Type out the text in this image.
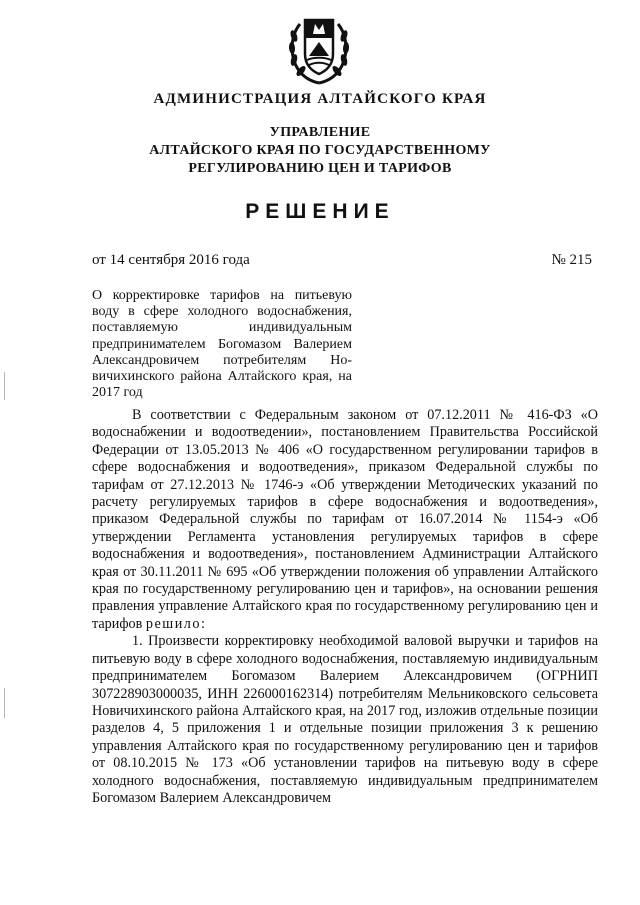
АДМИНИСТРАЦИЯ АЛТАЙСКОГО КРАЯ
УПРАВЛЕНИЕ
АЛТАЙСКОГО КРАЯ ПО ГОСУДАРСТВЕННОМУ
РЕГУЛИРОВАНИЮ ЦЕН И ТАРИФОВ
РЕШЕНИЕ
от 14 сентября 2016 года	№ 215
О корректировке тарифов на питьевую воду в сфере холодного водоснабжения, поставляемую индивидуальным предпринимателем Богомазом Валерием Александровичем потребителям Новичихинского района Алтайского края, на 2017 год

В соответствии с Федеральным законом от 07.12.2011 № 416-ФЗ «О водоснабжении и водоотведении», постановлением Правительства Российской Федерации от 13.05.2013 № 406 «О государственном регулировании тарифов в сфере водоснабжения и водоотведения», приказом Федеральной службы по тарифам от 27.12.2013 № 1746-э «Об утверждении Методических указаний по расчету регулируемых тарифов в сфере водоснабжения и водоотведения», приказом Федеральной службы по тарифам от 16.07.2014 № 1154-э «Об утверждении Регламента установления регулируемых тарифов в сфере водоснабжения и водоотведения», постановлением Администрации Алтайского края от 30.11.2011 № 695 «Об утверждении положения об управлении Алтайского края по государственному регулированию цен и тарифов», на основании решения правления управление Алтайского края по государственному регулированию цен и тарифов решило:

1. Произвести корректировку необходимой валовой выручки и тарифов на питьевую воду в сфере холодного водоснабжения, поставляемую индивидуальным предпринимателем Богомазом Валерием Александровичем (ОГРНИП 307228903000035, ИНН 226000162314) потребителям Мельниковского сельсовета Новичихинского района Алтайского края, на 2017 год, изложив отдельные позиции разделов 4, 5 приложения 1 и отдельные позиции приложения 3 к решению управления Алтайского края по государственному регулированию цен и тарифов от 08.10.2015 № 173 «Об установлении тарифов на питьевую воду в сфере холодного водоснабжения, поставляемую индивидуальным предпринимателем Богомазом Валерием Александровичем
